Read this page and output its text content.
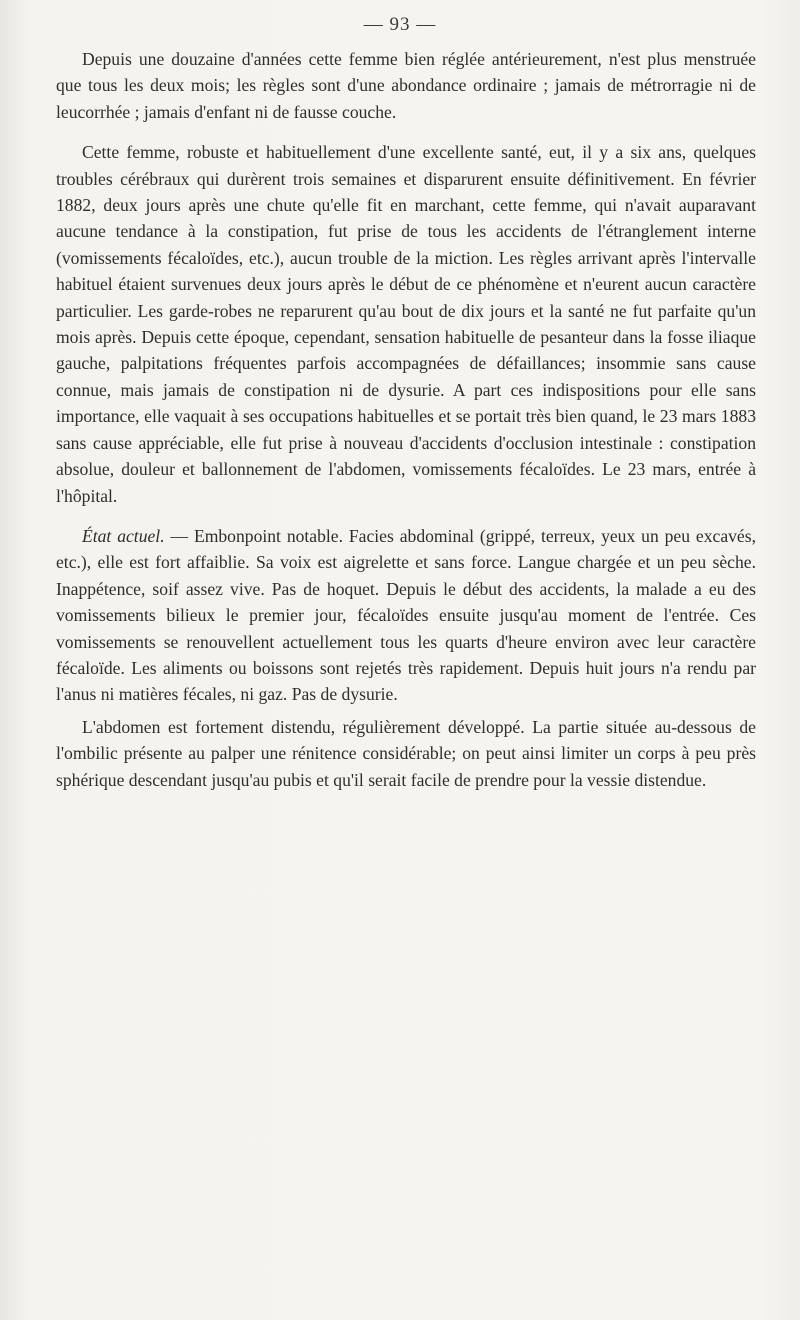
— 93 —

Depuis une douzaine d'années cette femme bien réglée antérieurement, n'est plus menstruée que tous les deux mois; les règles sont d'une abondance ordinaire ; jamais de métrorragie ni de leucorrhée ; jamais d'enfant ni de fausse couche.

Cette femme, robuste et habituellement d'une excellente santé, eut, il y a six ans, quelques troubles cérébraux qui durèrent trois semaines et disparurent ensuite définitivement. En février 1882, deux jours après une chute qu'elle fit en marchant, cette femme, qui n'avait auparavant aucune tendance à la constipation, fut prise de tous les accidents de l'étranglement interne (vomissements fécaloïdes, etc.), aucun trouble de la miction. Les règles arrivant après l'intervalle habituel étaient survenues deux jours après le début de ce phénomène et n'eurent aucun caractère particulier. Les garde-robes ne reparurent qu'au bout de dix jours et la santé ne fut parfaite qu'un mois après. Depuis cette époque, cependant, sensation habituelle de pesanteur dans la fosse iliaque gauche, palpitations fréquentes parfois accompagnées de défaillances; insommie sans cause connue, mais jamais de constipation ni de dysurie. A part ces indispositions pour elle sans importance, elle vaquait à ses occupations habituelles et se portait très bien quand, le 23 mars 1883 sans cause appréciable, elle fut prise à nouveau d'accidents d'occlusion intestinale : constipation absolue, douleur et ballonnement de l'abdomen, vomissements fécaloïdes. Le 23 mars, entrée à l'hôpital.

État actuel. — Embonpoint notable. Facies abdominal (grippé, terreux, yeux un peu excavés, etc.), elle est fort affaiblie. Sa voix est aigrelette et sans force. Langue chargée et un peu sèche. Inappétence, soif assez vive. Pas de hoquet. Depuis le début des accidents, la malade a eu des vomissements bilieux le premier jour, fécaloïdes ensuite jusqu'au moment de l'entrée. Ces vomissements se renouvellent actuellement tous les quarts d'heure environ avec leur caractère fécaloïde. Les aliments ou boissons sont rejetés très rapidement. Depuis huit jours n'a rendu par l'anus ni matières fécales, ni gaz. Pas de dysurie.

L'abdomen est fortement distendu, régulièrement développé. La partie située au-dessous de l'ombilic présente au palper une rénitence considérable; on peut ainsi limiter un corps à peu près sphérique descendant jusqu'au pubis et qu'il serait facile de prendre pour la vessie distendue.
